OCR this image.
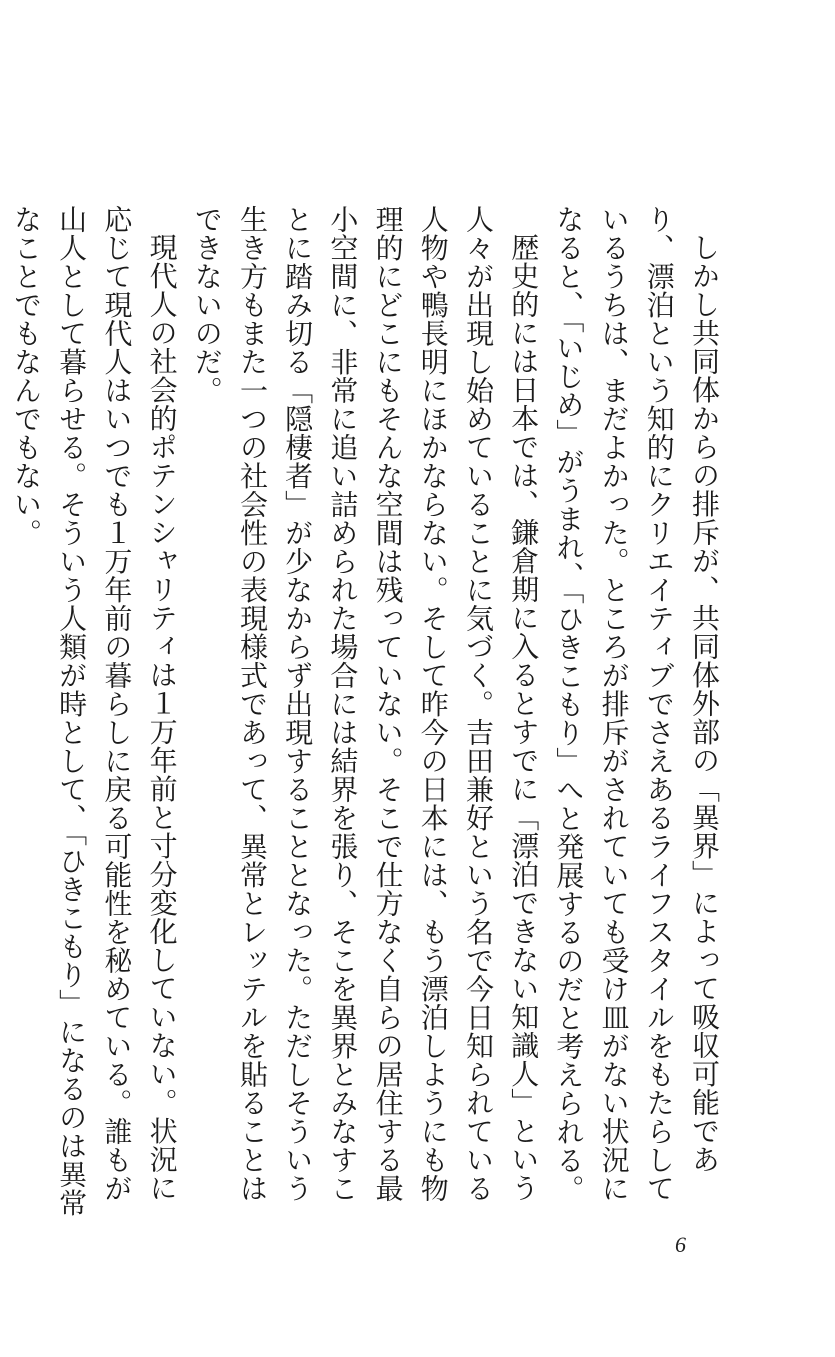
しかし共同体からの排斥が、共同体外部の「異界」によって吸収可能であり、漂泊という知的にクリエイティブでさえあるライフスタイルをもたらしているうちは、まだよかった。ところが排斥がされていても受け皿がない状況になると、「いじめ」がうまれ、「ひきこもり」へと発展するのだと考えられる。

歴史的には日本では、鎌倉期に入るとすでに「漂泊できない知識人」という人々が出現し始めていることに気づく。吉田兼好という名で今日知られている人物や鴨長明にほかならない。そして昨今の日本には、もう漂泊しようにも物理的にどこにもそんな空間は残っていない。そこで仕方なく自らの居住する最小空間に、非常に追い詰められた場合には結界を張り、そこを異界とみなすことに踏み切る「隠棲者」が少なからず出現することとなった。ただしそういう生き方もまた一つの社会性の表現様式であって、異常とレッテルを貼ることはできないのだ。

現代人の社会的ポテンシャリティは１万年前と寸分変化していない。状況に応じて現代人はいつでも１万年前の暮らしに戻る可能性を秘めている。誰もが山人として暮らせる。そういう人類が時として、「ひきこもり」になるのは異常なことでもなんでもない。

6
